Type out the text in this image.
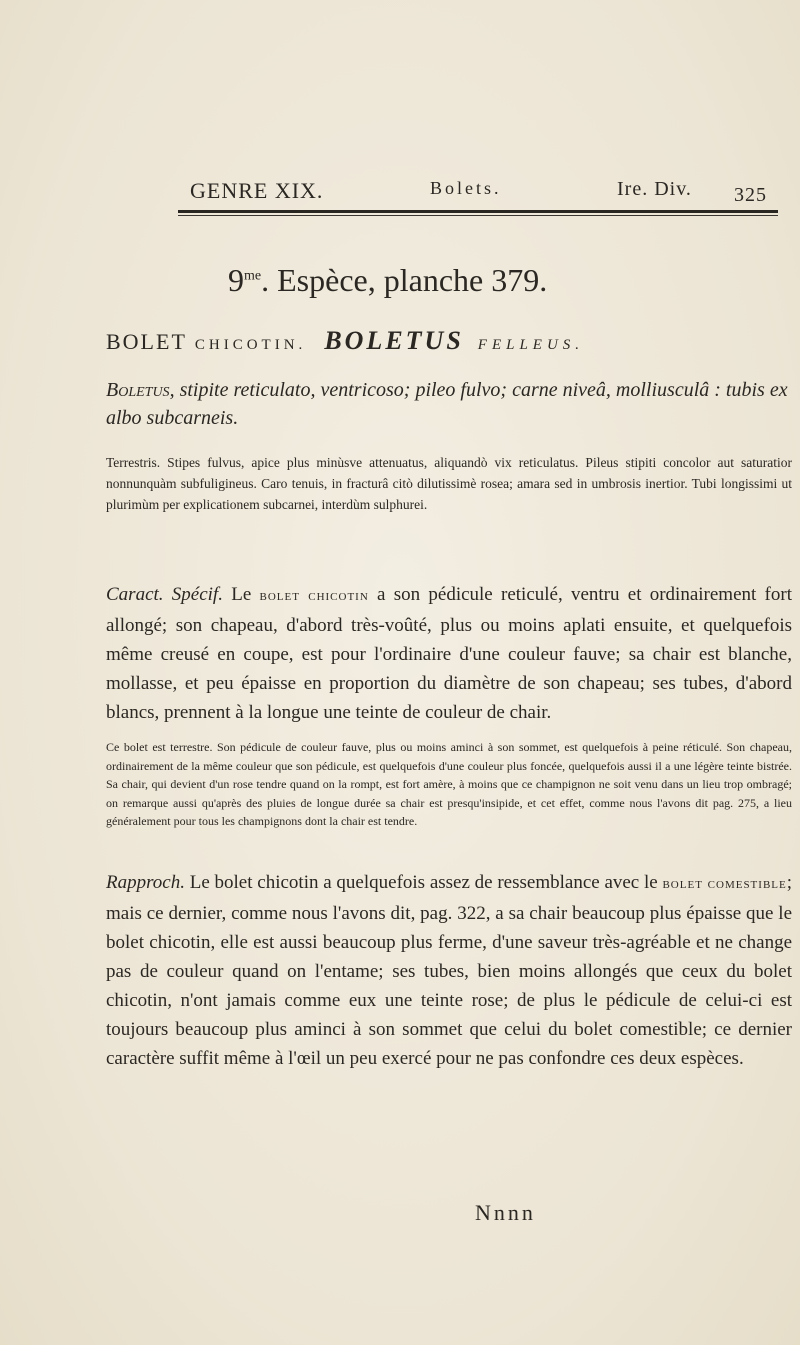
GENRE XIX.	Bolets.	Ire. Div. 325
$9^{me}$. Espèce, planche 379.
BOLET CHICOTIN. BOLETUS FELLEUS.
Boletus, stipite reticulato, ventricoso; pileo fulvo; carne niveâ, molliusculâ : tubis ex albo subcarneis.
Terrestris. Stipes fulvus, apice plus minùsve attenuatus, aliquandò vix reticulatus. Pileus stipiti concolor aut saturatior nonnunquàm subfuligineus. Caro tenuis, in fracturâ citò dilutissimè rosea; amara sed in umbrosis inertior. Tubi longissimi ut plurimùm per explicationem subcarnei, interdùm sulphurei.
Caract. Spécif. Le bolet chicotin a son pédicule reticulé, ventru et ordinairement fort allongé; son chapeau, d'abord très-voûté, plus ou moins aplati ensuite, et quelquefois même creusé en coupe, est pour l'ordinaire d'une couleur fauve; sa chair est blanche, mollasse, et peu épaisse en proportion du diamètre de son chapeau; ses tubes, d'abord blancs, prennent à la longue une teinte de couleur de chair.
Ce bolet est terrestre. Son pédicule de couleur fauve, plus ou moins aminci à son sommet, est quelquefois à peine réticulé. Son chapeau, ordinairement de la même couleur que son pédicule, est quelquefois d'une couleur plus foncée, quelquefois aussi il a une légère teinte bistrée. Sa chair, qui devient d'un rose tendre quand on la rompt, est fort amère, à moins que ce champignon ne soit venu dans un lieu trop ombragé; on remarque aussi qu'après des pluies de longue durée sa chair est presqu'insipide, et cet effet, comme nous l'avons dit pag. 275, a lieu généralement pour tous les champignons dont la chair est tendre.
Rapproch. Le bolet chicotin a quelquefois assez de ressemblance avec le bolet comestible; mais ce dernier, comme nous l'avons dit, pag. 322, a sa chair beaucoup plus épaisse que le bolet chicotin, elle est aussi beaucoup plus ferme, d'une saveur très-agréable et ne change pas de couleur quand on l'entame; ses tubes, bien moins allongés que ceux du bolet chicotin, n'ont jamais comme eux une teinte rose; de plus le pédicule de celui-ci est toujours beaucoup plus aminci à son sommet que celui du bolet comestible; ce dernier caractère suffit même à l'œil un peu exercé pour ne pas confondre ces deux espèces.
Nnnn
